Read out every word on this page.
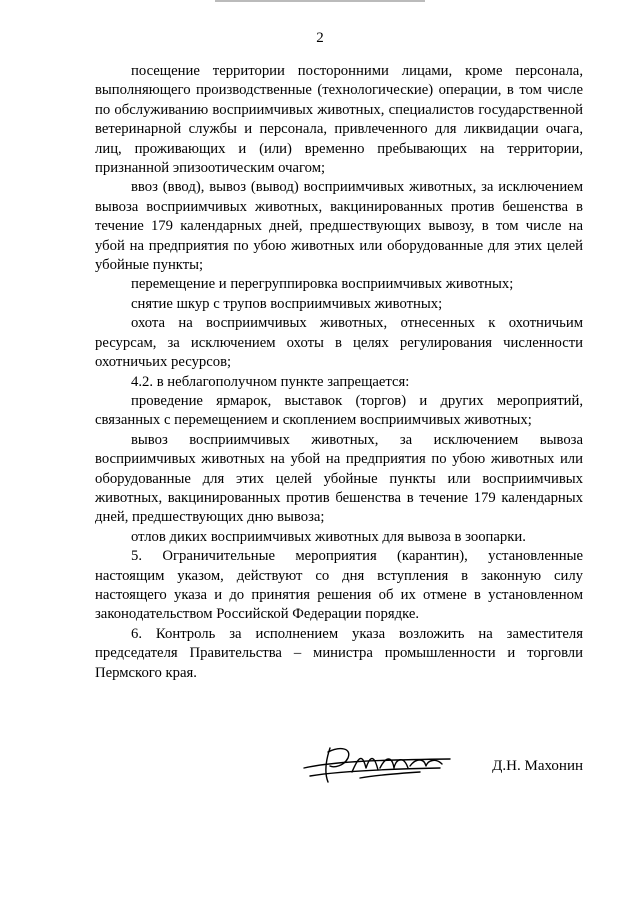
2

посещение территории посторонними лицами, кроме персонала, выполняющего производственные (технологические) операции, в том числе по обслуживанию восприимчивых животных, специалистов государственной ветеринарной службы и персонала, привлеченного для ликвидации очага, лиц, проживающих и (или) временно пребывающих на территории, признанной эпизоотическим очагом;

ввоз (ввод), вывоз (вывод) восприимчивых животных, за исключением вывоза восприимчивых животных, вакцинированных против бешенства в течение 179 календарных дней, предшествующих вывозу, в том числе на убой на предприятия по убою животных или оборудованные для этих целей убойные пункты;

перемещение и перегруппировка восприимчивых животных;

снятие шкур с трупов восприимчивых животных;

охота на восприимчивых животных, отнесенных к охотничьим ресурсам, за исключением охоты в целях регулирования численности охотничьих ресурсов;

4.2. в неблагополучном пункте запрещается:

проведение ярмарок, выставок (торгов) и других мероприятий, связанных с перемещением и скоплением восприимчивых животных;

вывоз восприимчивых животных, за исключением вывоза восприимчивых животных на убой на предприятия по убою животных или оборудованные для этих целей убойные пункты или восприимчивых животных, вакцинированных против бешенства в течение 179 календарных дней, предшествующих дню вывоза;

отлов диких восприимчивых животных для вывоза в зоопарки.

5. Ограничительные мероприятия (карантин), установленные настоящим указом, действуют со дня вступления в законную силу настоящего указа и до принятия решения об их отмене в установленном законодательством Российской Федерации порядке.

6. Контроль за исполнением указа возложить на заместителя председателя Правительства – министра промышленности и торговли Пермского края.

Д.Н. Махонин
